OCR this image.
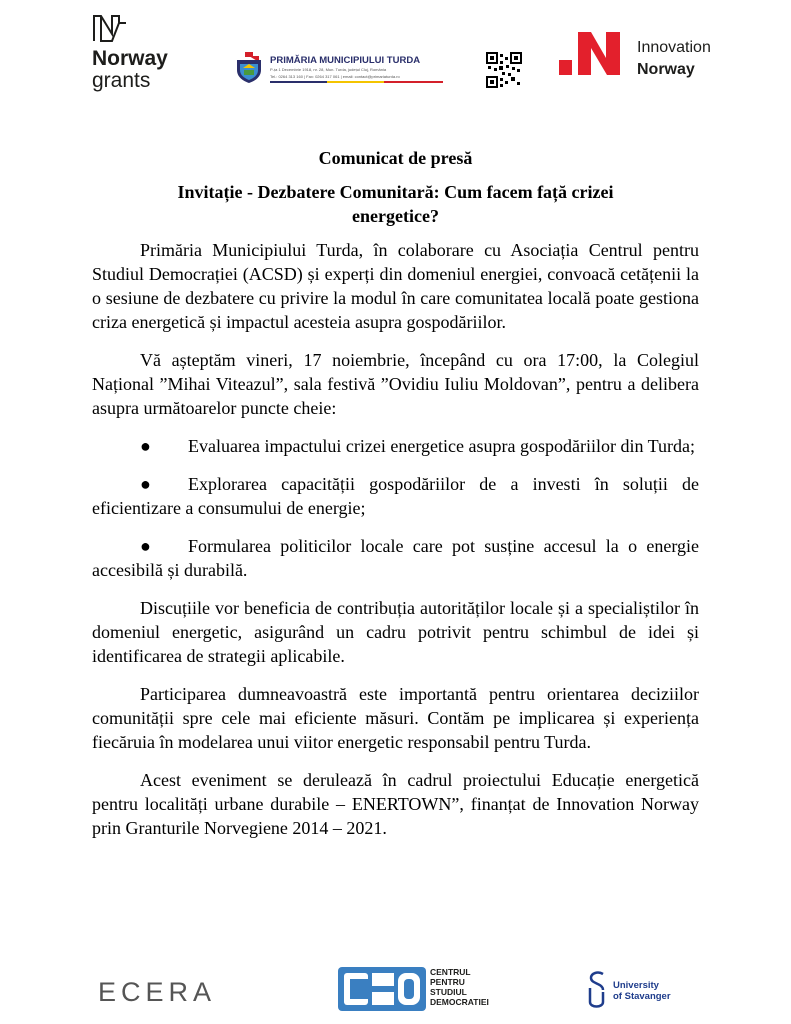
Norway
grants
PRIMĂRIA MUNICIPIULUI TURDA
P-ța 1 Decembrie 1918, nr. 28, Mun. Turda, județul Cluj, România
Tel.: 0264 313 160 | Fax: 0264 317 061 | email: contact@primariaturda.ro
Innovation
Norway
Comunicat de presă
Invitație - Dezbatere Comunitară: Cum facem față crizei energetice?

Primăria Municipiului Turda, în colaborare cu Asociația Centrul pentru Studiul Democrației (ACSD) și experți din domeniul energiei, convoacă cetățenii la o sesiune de dezbatere cu privire la modul în care comunitatea locală poate gestiona criza energetică și impactul acesteia asupra gospodăriilor.

Vă așteptăm vineri, 17 noiembrie, începând cu ora 17:00, la Colegiul Național ”Mihai Viteazul”, sala festivă ”Ovidiu Iuliu Moldovan”, pentru a delibera asupra următoarelor puncte cheie:

● Evaluarea impactului crizei energetice asupra gospodăriilor din Turda;

● Explorarea capacității gospodăriilor de a investi în soluții de eficientizare a consumului de energie;

● Formularea politicilor locale care pot susține accesul la o energie accesibilă și durabilă.

Discuțiile vor beneficia de contribuția autorităților locale și a specialiștilor în domeniul energetic, asigurând un cadru potrivit pentru schimbul de idei și identificarea de strategii aplicabile.

Participarea dumneavoastră este importantă pentru orientarea deciziilor comunității spre cele mai eficiente măsuri. Contăm pe implicarea și experiența fiecăruia în modelarea unui viitor energetic responsabil pentru Turda.

Acest eveniment se derulează în cadrul proiectului Educație energetică pentru localități urbane durabile – ENERTOWN”, finanțat de Innovation Norway prin Granturile Norvegiene 2014 – 2021.

ECERA
CENTRUL
PENTRU
STUDIUL
DEMOCRATIEI
University
of Stavanger
